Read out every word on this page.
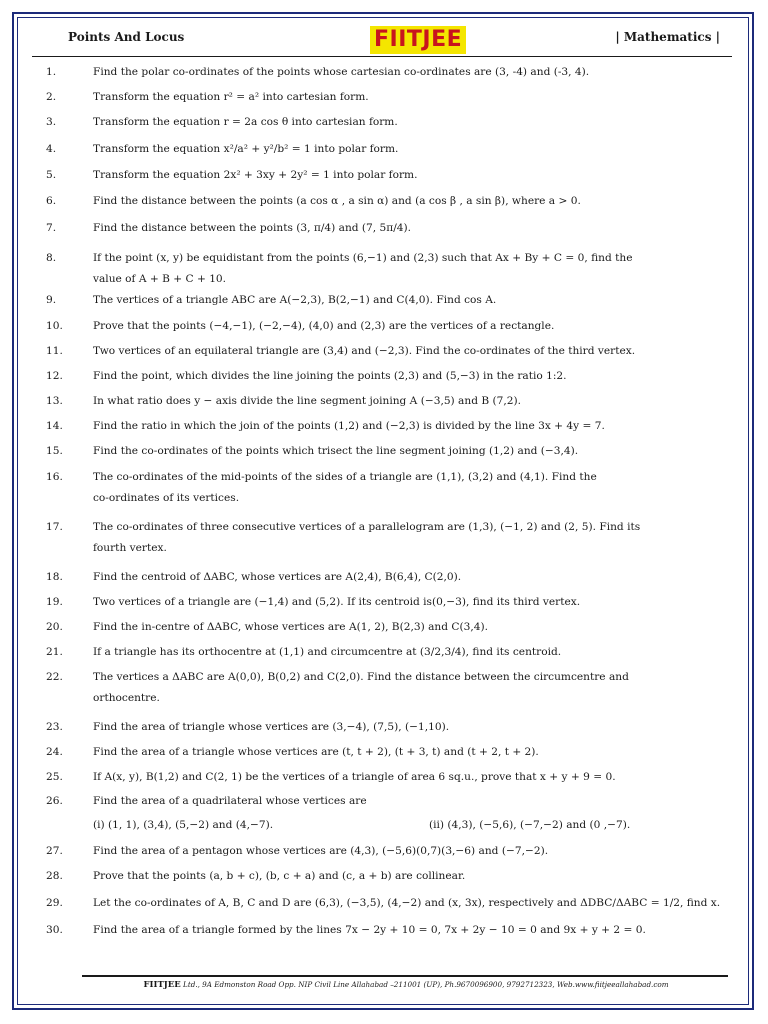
Points And Locus	FIITJEE	| Mathematics |
1.	Find the polar co-ordinates of the points whose cartesian co-ordinates are (3, -4) and (-3, 4).
2.	Transform the equation r² = a² into cartesian form.
3.	Transform the equation r = 2a cos θ into cartesian form.
4.	Transform the equation x²/a² + y²/b² = 1 into polar form.
5.	Transform the equation 2x² + 3xy + 2y² = 1 into polar form.
6.	Find the distance between the points (a cos α , a sin α) and (a cos β , a sin β), where a > 0.
7.	Find the distance between the points (3, π/4) and (7, 5π/4).
8.	If the point (x, y) be equidistant from the points (6,−1) and (2,3) such that Ax + By + C = 0, find the
value of A + B + C + 10.
9.	The vertices of a triangle ABC are A(−2,3), B(2,−1) and C(4,0). Find cos A.
10.	Prove that the points (−4,−1), (−2,−4), (4,0) and (2,3) are the vertices of a rectangle.
11.	Two vertices of an equilateral triangle are (3,4) and (−2,3). Find the co-ordinates of the third vertex.
12.	Find the point, which divides the line joining the points (2,3) and (5,−3) in the ratio 1:2.
13.	In what ratio does y − axis divide the line segment joining A (−3,5) and B (7,2).
14.	Find the ratio in which the join of the points (1,2) and (−2,3) is divided by the line 3x + 4y = 7.
15.	Find the co-ordinates of the points which trisect the line segment joining (1,2) and (−3,4).
16.	The co-ordinates of the mid-points of the sides of a triangle are (1,1), (3,2) and (4,1). Find the
co-ordinates of its vertices.
17.	The co-ordinates of three consecutive vertices of a parallelogram are (1,3), (−1, 2) and (2, 5). Find its
fourth vertex.
18.	Find the centroid of ΔABC, whose vertices are A(2,4), B(6,4), C(2,0).
19.	Two vertices of a triangle are (−1,4) and (5,2). If its centroid is(0,−3), find its third vertex.
20.	Find the in-centre of ΔABC, whose vertices are A(1, 2), B(2,3) and C(3,4).
21.	If a triangle has its orthocentre at (1,1) and circumcentre at (3/2,3/4), find its centroid.
22.	The vertices a ΔABC are A(0,0), B(0,2) and C(2,0). Find the distance between the circumcentre and
orthocentre.
23.	Find the area of triangle whose vertices are (3,−4), (7,5), (−1,10).
24.	Find the area of a triangle whose vertices are (t, t + 2), (t + 3, t) and (t + 2, t + 2).
25.	If A(x, y), B(1,2) and C(2, 1) be the vertices of a triangle of area 6 sq.u., prove that x + y + 9 = 0.
26.	Find the area of a quadrilateral whose vertices are
(i) (1, 1), (3,4), (5,−2) and (4,−7).	(ii) (4,3), (−5,6), (−7,−2) and (0 ,−7).
27.	Find the area of a pentagon whose vertices are (4,3), (−5,6)(0,7)(3,−6) and (−7,−2).
28.	Prove that the points (a, b + c), (b, c + a) and (c, a + b) are collinear.
29.	Let the co-ordinates of A, B, C and D are (6,3), (−3,5), (4,−2) and (x, 3x), respectively and ΔDBC/ΔABC = 1/2, find x.
30.	Find the area of a triangle formed by the lines 7x − 2y + 10 = 0, 7x + 2y − 10 = 0 and 9x + y + 2 = 0.
FIITJEE Ltd., 9A Edmonston Road Opp. NIP Civil Line Allahabad –211001 (UP), Ph.9670096900, 9792712323, Web.www.fiitjeeallahabad.com
